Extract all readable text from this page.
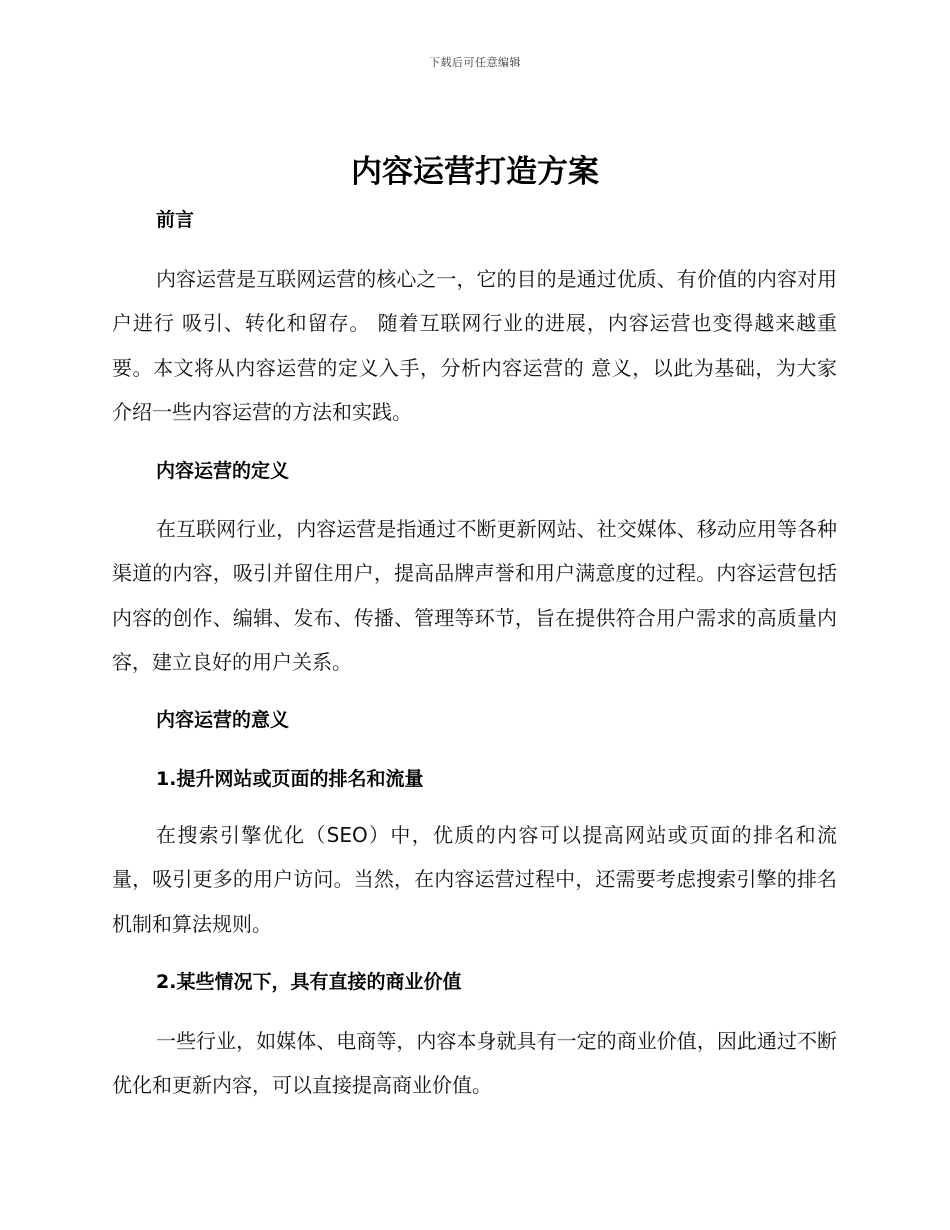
下载后可任意编辑
内容运营打造方案
前言

内容运营是互联网运营的核心之一，它的目的是通过优质、有价值的内容对用户进行 吸引、转化和留存。 随着互联网行业的进展，内容运营也变得越来越重要。本文将从内容运营的定义入手，分析内容运营的 意义，以此为基础，为大家介绍一些内容运营的方法和实践。

内容运营的定义

在互联网行业，内容运营是指通过不断更新网站、社交媒体、移动应用等各种渠道的内容，吸引并留住用户，提高品牌声誉和用户满意度的过程。内容运营包括内容的创作、编辑、发布、传播、管理等环节，旨在提供符合用户需求的高质量内容，建立良好的用户关系。

内容运营的意义
1.提升网站或页面的排名和流量

在搜索引擎优化（SEO）中，优质的内容可以提高网站或页面的排名和流量，吸引更多的用户访问。当然，在内容运营过程中，还需要考虑搜索引擎的排名机制和算法规则。

2.某些情况下，具有直接的商业价值

一些行业，如媒体、电商等，内容本身就具有一定的商业价值，因此通过不断优化和更新内容，可以直接提高商业价值。
